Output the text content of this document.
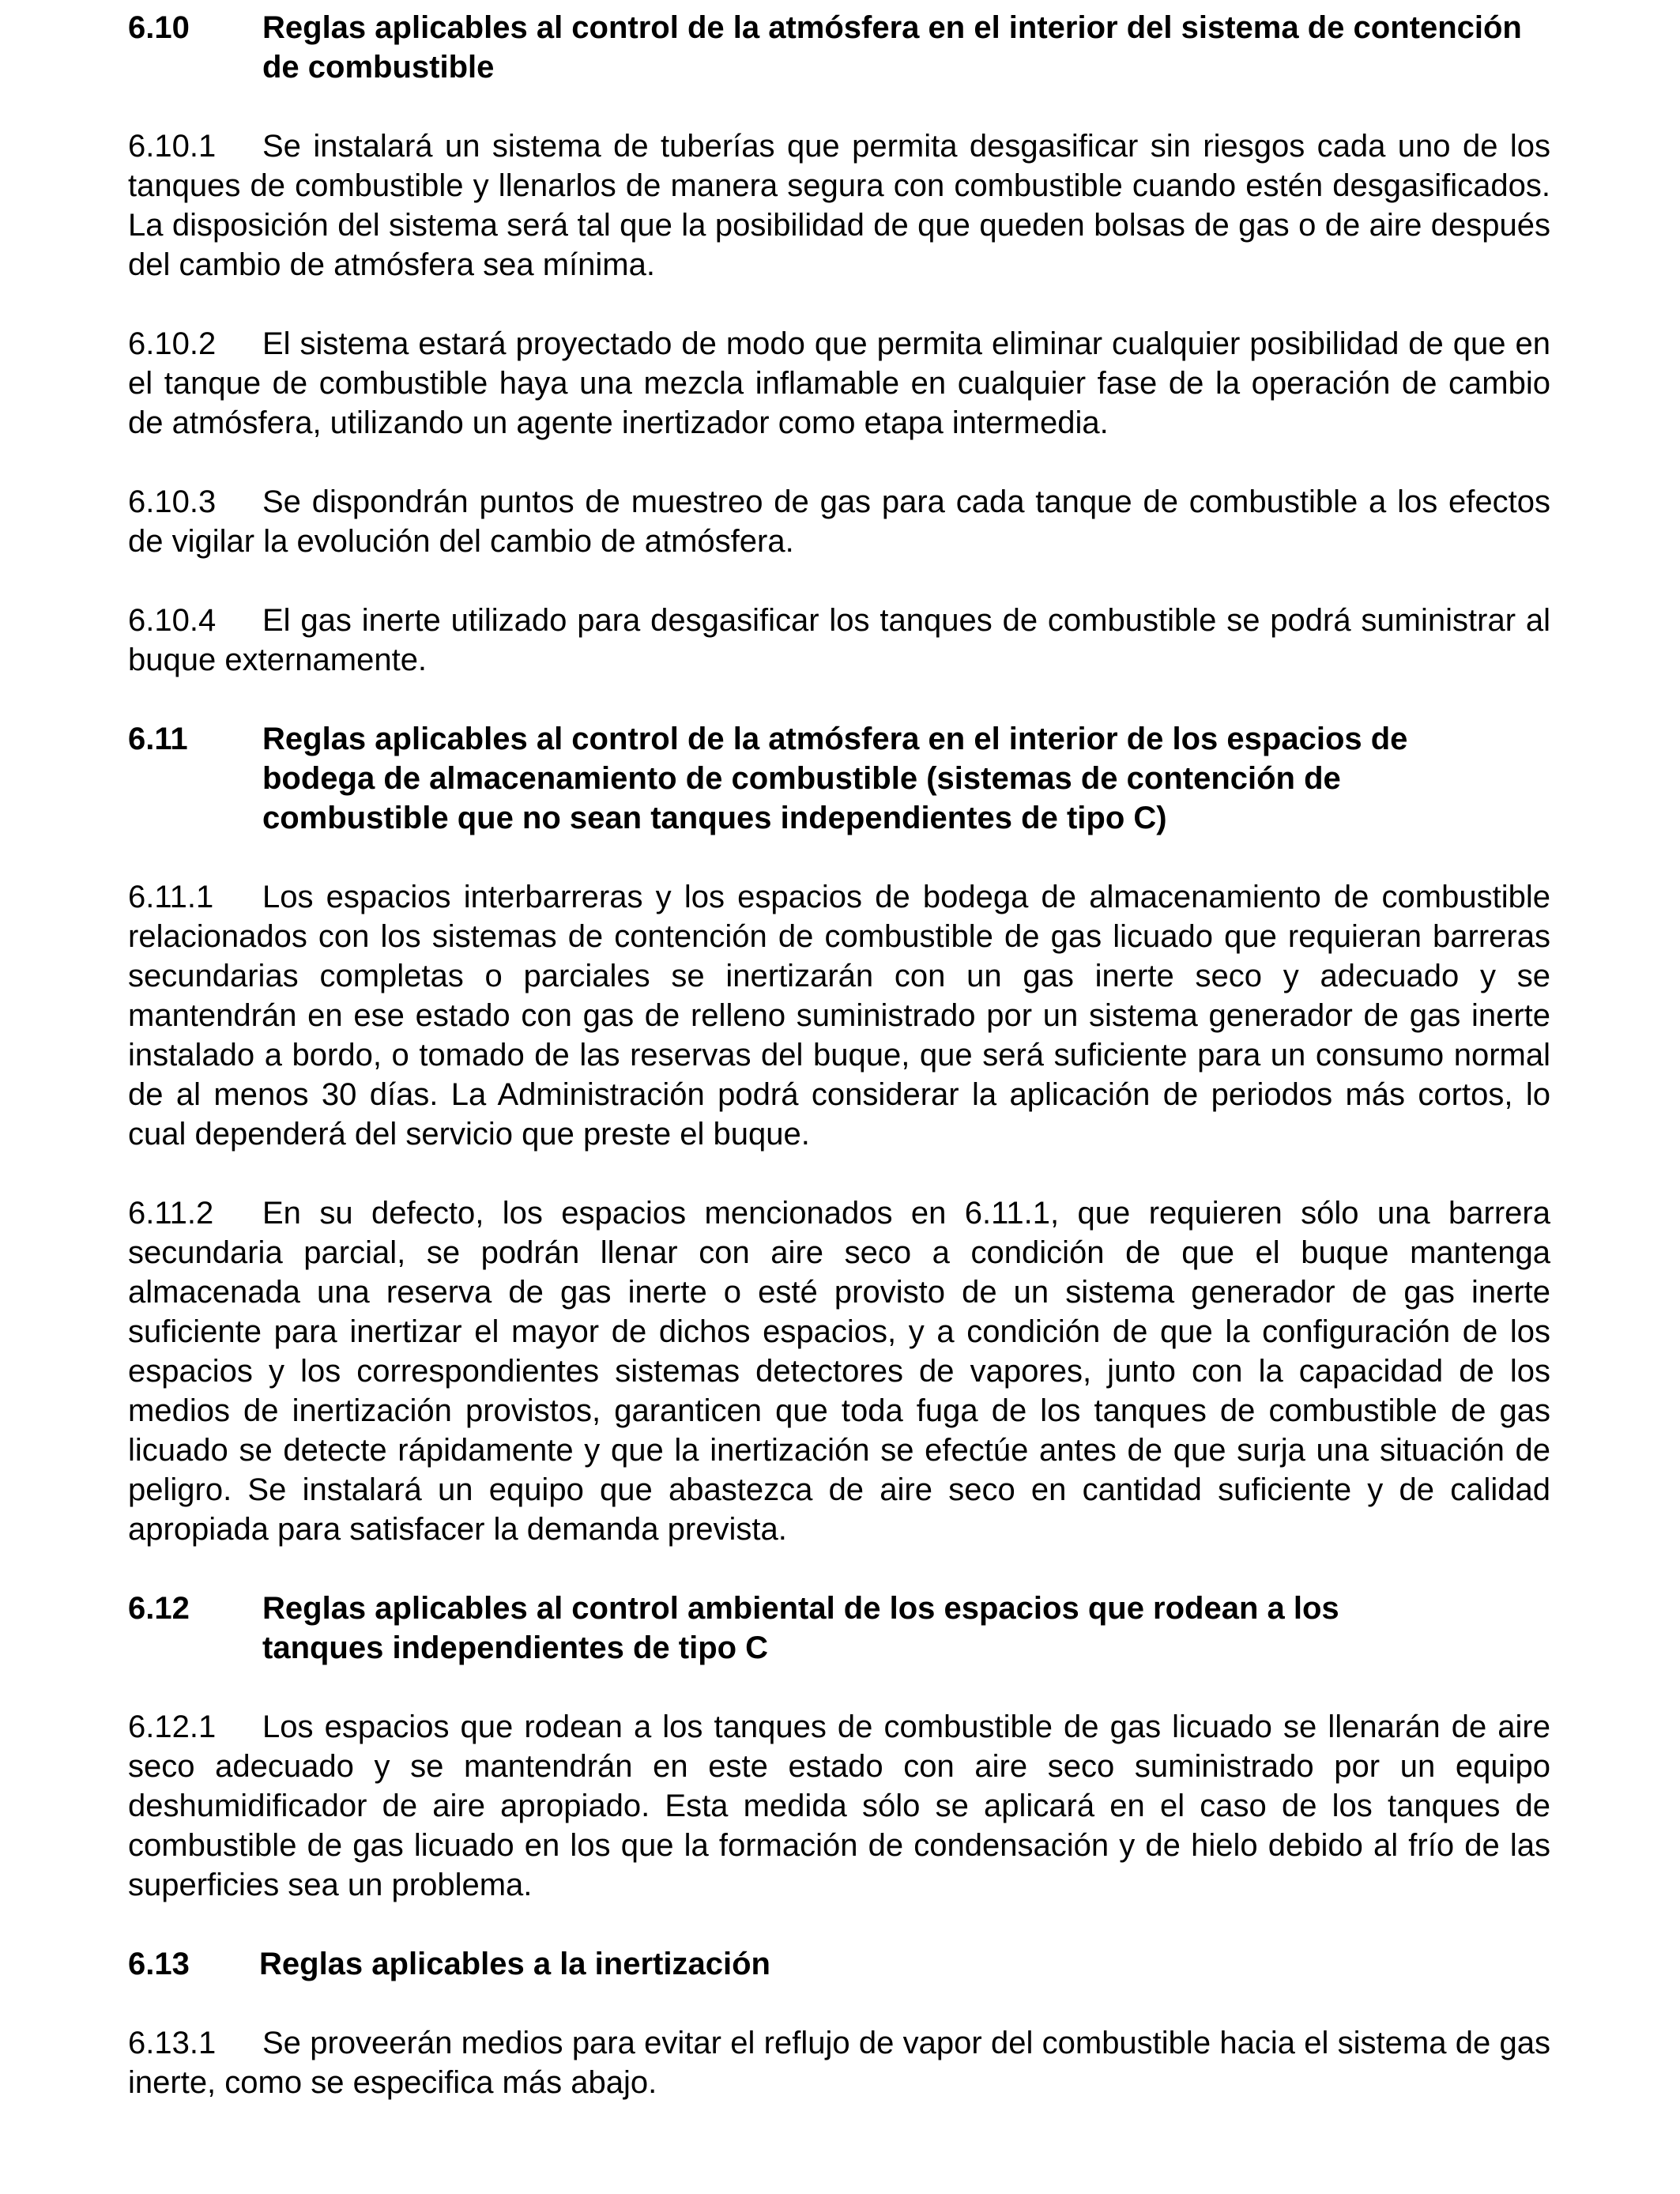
6.10	Reglas aplicables al control de la atmósfera en el interior del sistema de contención de combustible

6.10.1 Se instalará un sistema de tuberías que permita desgasificar sin riesgos cada uno de los tanques de combustible y llenarlos de manera segura con combustible cuando estén desgasificados. La disposición del sistema será tal que la posibilidad de que queden bolsas de gas o de aire después del cambio de atmósfera sea mínima.

6.10.2 El sistema estará proyectado de modo que permita eliminar cualquier posibilidad de que en el tanque de combustible haya una mezcla inflamable en cualquier fase de la operación de cambio de atmósfera, utilizando un agente inertizador como etapa intermedia.

6.10.3 Se dispondrán puntos de muestreo de gas para cada tanque de combustible a los efectos de vigilar la evolución del cambio de atmósfera.

6.10.4 El gas inerte utilizado para desgasificar los tanques de combustible se podrá suministrar al buque externamente.

6.11	Reglas aplicables al control de la atmósfera en el interior de los espacios de bodega de almacenamiento de combustible (sistemas de contención de combustible que no sean tanques independientes de tipo C)

6.11.1 Los espacios interbarreras y los espacios de bodega de almacenamiento de combustible relacionados con los sistemas de contención de combustible de gas licuado que requieran barreras secundarias completas o parciales se inertizarán con un gas inerte seco y adecuado y se mantendrán en ese estado con gas de relleno suministrado por un sistema generador de gas inerte instalado a bordo, o tomado de las reservas del buque, que será suficiente para un consumo normal de al menos 30 días. La Administración podrá considerar la aplicación de periodos más cortos, lo cual dependerá del servicio que preste el buque.

6.11.2 En su defecto, los espacios mencionados en 6.11.1, que requieren sólo una barrera secundaria parcial, se podrán llenar con aire seco a condición de que el buque mantenga almacenada una reserva de gas inerte o esté provisto de un sistema generador de gas inerte suficiente para inertizar el mayor de dichos espacios, y a condición de que la configuración de los espacios y los correspondientes sistemas detectores de vapores, junto con la capacidad de los medios de inertización provistos, garanticen que toda fuga de los tanques de combustible de gas licuado se detecte rápidamente y que la inertización se efectúe antes de que surja una situación de peligro. Se instalará un equipo que abastezca de aire seco en cantidad suficiente y de calidad apropiada para satisfacer la demanda prevista.

6.12	Reglas aplicables al control ambiental de los espacios que rodean a los tanques independientes de tipo C

6.12.1 Los espacios que rodean a los tanques de combustible de gas licuado se llenarán de aire seco adecuado y se mantendrán en este estado con aire seco suministrado por un equipo deshumidificador de aire apropiado. Esta medida sólo se aplicará en el caso de los tanques de combustible de gas licuado en los que la formación de condensación y de hielo debido al frío de las superficies sea un problema.

6.13	Reglas aplicables a la inertización

6.13.1 Se proveerán medios para evitar el reflujo de vapor del combustible hacia el sistema de gas inerte, como se especifica más abajo.
